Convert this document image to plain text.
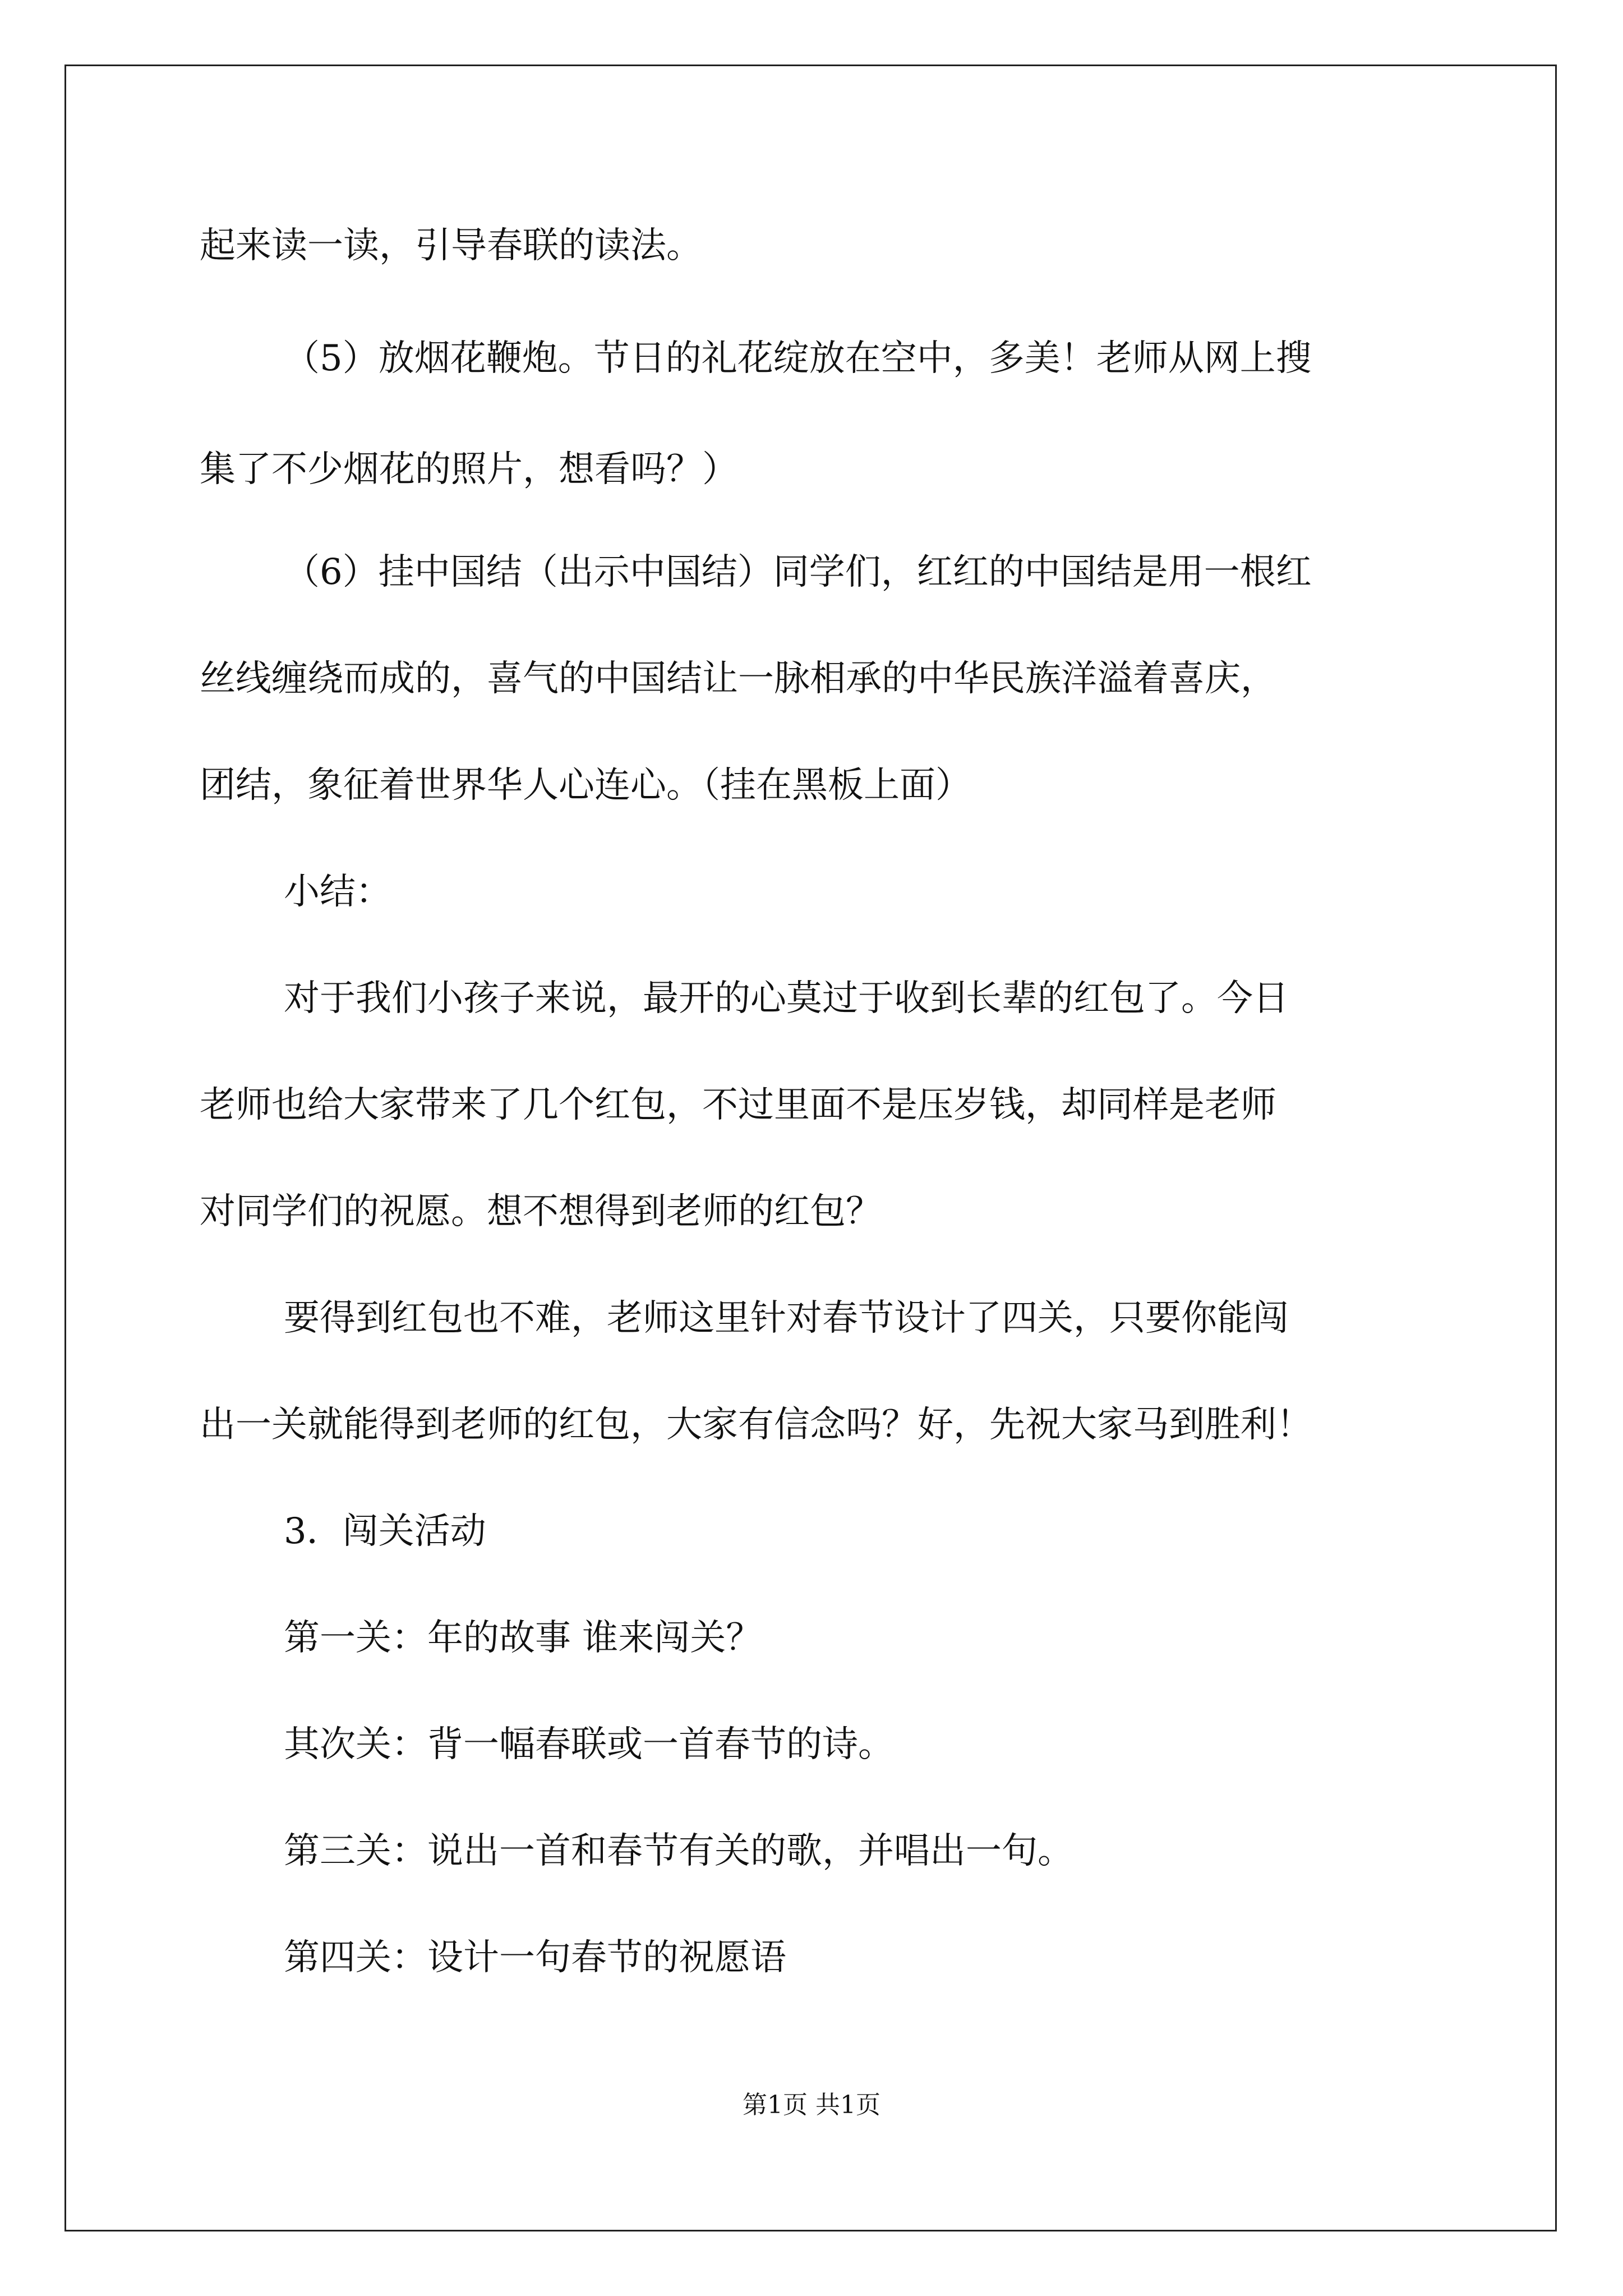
起来读一读，引导春联的读法。

（5）放烟花鞭炮。节日的礼花绽放在空中，多美！老师从网上搜

集了不少烟花的照片，想看吗？）

（6）挂中国结（出示中国结）同学们，红红的中国结是用一根红

丝线缠绕而成的，喜气的中国结让一脉相承的中华民族洋溢着喜庆，

团结，象征着世界华人心连心。（挂在黑板上面）

小结：

对于我们小孩子来说，最开的心莫过于收到长辈的红包了。今日

老师也给大家带来了几个红包，不过里面不是压岁钱，却同样是老师

对同学们的祝愿。想不想得到老师的红包？

要得到红包也不难，老师这里针对春节设计了四关，只要你能闯

出一关就能得到老师的红包，大家有信念吗？好，先祝大家马到胜利！

3．闯关活动

第一关：年的故事 谁来闯关？

其次关：背一幅春联或一首春节的诗。

第三关：说出一首和春节有关的歌，并唱出一句。

第四关：设计一句春节的祝愿语

第1页 共1页
